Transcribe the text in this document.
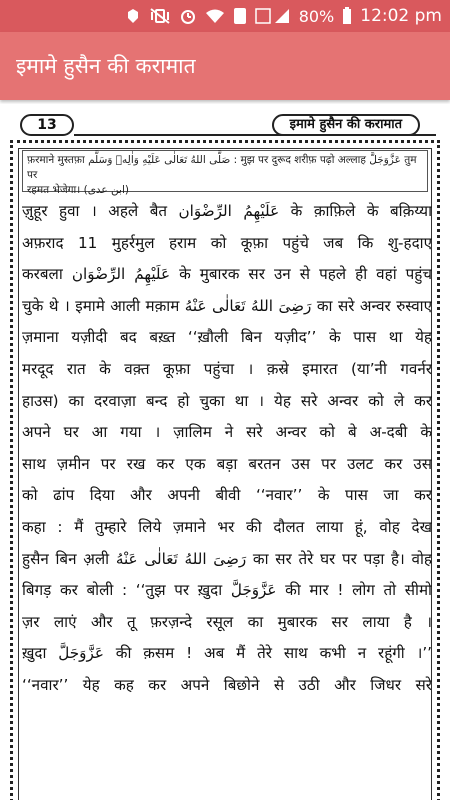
80% 12:02 pm
इमामे हुसैन की करामात
13	इमामे हुसैन की करामात
फ़रमाने मुस्तफ़ा صَلَّى اللهُ تَعَالٰی عَلَیْهِ وَاٰلِهٖ وَسَلَّم : मुझ पर दुरूद शरीफ़ पढ़ो अल्लाह عَزَّوَجَلَّ तुम पर
रहमत भेजेगा। (ابن عدی)
ज़ुहूर हुवा । अहले बैत عَلَيْهِمُ الرِّضْوَان के क़ाफ़िले के बक़िय्या
अफ़राद 11 मुहर्रमुल हराम को कूफ़ा पहुंचे जब कि शु-हदाए
करबला عَلَيْهِمُ الرِّضْوَان के मुबारक सर उन से पहले ही वहां पहुंच
चुके थे । इमामे आली मक़ाम رَضِیَ اللهُ تَعَالٰی عَنْهُ का सरे अन्वर रुस्वाए
ज़माना यज़ीदी बद बख़्त ‘‘ख़ौली बिन यज़ीद’’ के पास था येह
मरदूद रात के वक़्त कूफ़ा पहुंचा । क़स्रे इमारत (या’नी गवर्नर
हाउस) का दरवाज़ा बन्द हो चुका था । येह सरे अन्वर को ले कर
अपने घर आ गया । ज़ालिम ने सरे अन्वर को बे अ-दबी के
साथ ज़मीन पर रख कर एक बड़ा बरतन उस पर उलट कर उस
को ढांप दिया और अपनी बीवी ‘‘नवार’’ के पास जा कर
कहा : मैं तुम्हारे लिये ज़माने भर की दौलत लाया हूं, वोह देख
हुसैन बिन अ़ली رَضِیَ اللهُ تَعَالٰی عَنْهُ का सर तेरे घर पर पड़ा है। वोह
बिगड़ कर बोली : ‘‘तुझ पर ख़ुदा عَزَّوَجَلَّ की मार ! लोग तो सीमो
ज़र लाएं और तू फ़रज़न्दे रसूल का मुबारक सर लाया है ।
ख़ुदा عَزَّوَجَلَّ की क़सम ! अब मैं तेरे साथ कभी न रहूंगी ।’’
‘‘नवार’’ येह कह कर अपने बिछोने से उठी और जिधर सरे
